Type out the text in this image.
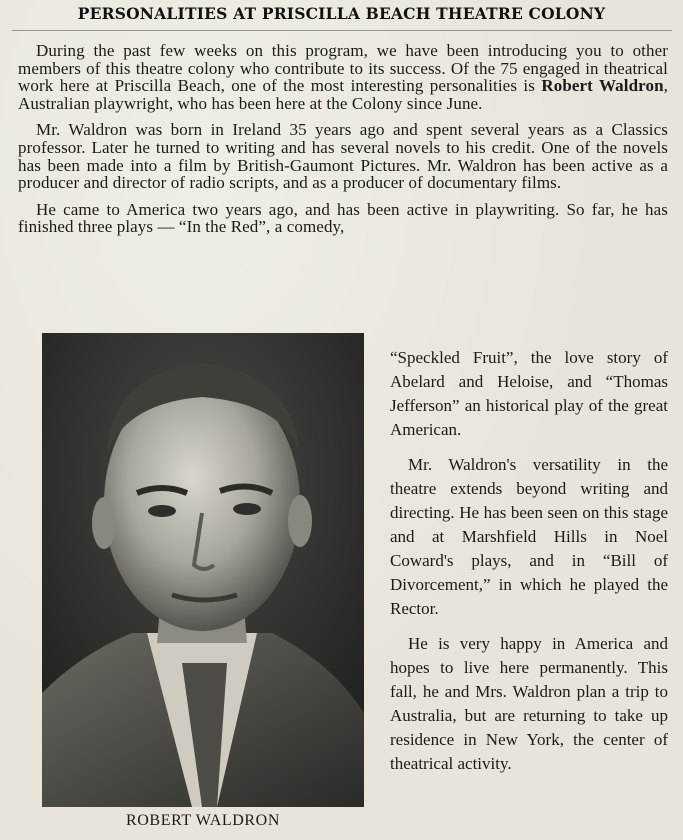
PERSONALITIES AT PRISCILLA BEACH THEATRE COLONY

During the past few weeks on this program, we have been introducing you to other members of this theatre colony who contribute to its success. Of the 75 engaged in theatrical work here at Priscilla Beach, one of the most interesting personalities is Robert Waldron, Australian playwright, who has been here at the Colony since June.

Mr. Waldron was born in Ireland 35 years ago and spent several years as a Classics professor. Later he turned to writing and has several novels to his credit. One of the novels has been made into a film by British-Gaumont Pictures. Mr. Waldron has been active as a producer and director of radio scripts, and as a producer of documentary films.

He came to America two years ago, and has been active in playwriting. So far, he has finished three plays — “In the Red”, a comedy,

ROBERT WALDRON

“Speckled Fruit”, the love story of Abelard and Heloise, and “Thomas Jefferson” an historical play of the great American.

Mr. Waldron's versatility in the theatre extends beyond writing and directing. He has been seen on this stage and at Marshfield Hills in Noel Coward's plays, and in “Bill of Divorcement,” in which he played the Rector.

He is very happy in America and hopes to live here permanently. This fall, he and Mrs. Waldron plan a trip to Australia, but are returning to take up residence in New York, the center of theatrical activity.
